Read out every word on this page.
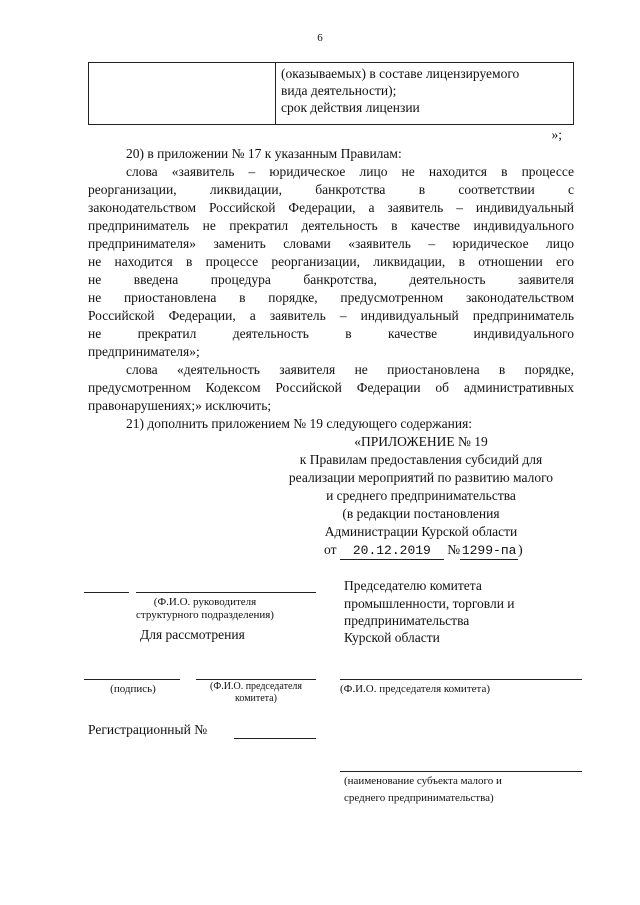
6

(оказываемых) в составе лицензируемого
вида деятельности);
срок действия лицензии
»;
20) в приложении № 17 к указанным Правилам:
слова «заявитель – юридическое лицо не находится в процессе
реорганизации, ликвидации, банкротства в соответствии с
законодательством Российской Федерации, а заявитель – индивидуальный
предприниматель не прекратил деятельность в качестве индивидуального
предпринимателя» заменить словами «заявитель – юридическое лицо
не находится в процессе реорганизации, ликвидации, в отношении его
не введена процедура банкротства, деятельность заявителя
не приостановлена в порядке, предусмотренном законодательством
Российской Федерации, а заявитель – индивидуальный предприниматель
не прекратил деятельность в качестве индивидуального
предпринимателя»;
слова «деятельность заявителя не приостановлена в порядке,
предусмотренном Кодексом Российской Федерации об административных
правонарушениях;» исключить;
21) дополнить приложением № 19 следующего содержания:
«ПРИЛОЖЕНИЕ № 19
к Правилам предоставления субсидий для
реализации мероприятий по развитию малого
и среднего предпринимательства
(в редакции постановления
Администрации Курской области
от 20.12.2019 № 1299-па )
(Ф.И.О. руководителя
структурного подразделения)
Для рассмотрения
Председателю комитета
промышленности, торговли и
предпринимательства
Курской области
(подпись)	(Ф.И.О. председателя
комитета)
(Ф.И.О. председателя комитета)
Регистрационный №
(наименование субъекта малого и
среднего предпринимательства)
